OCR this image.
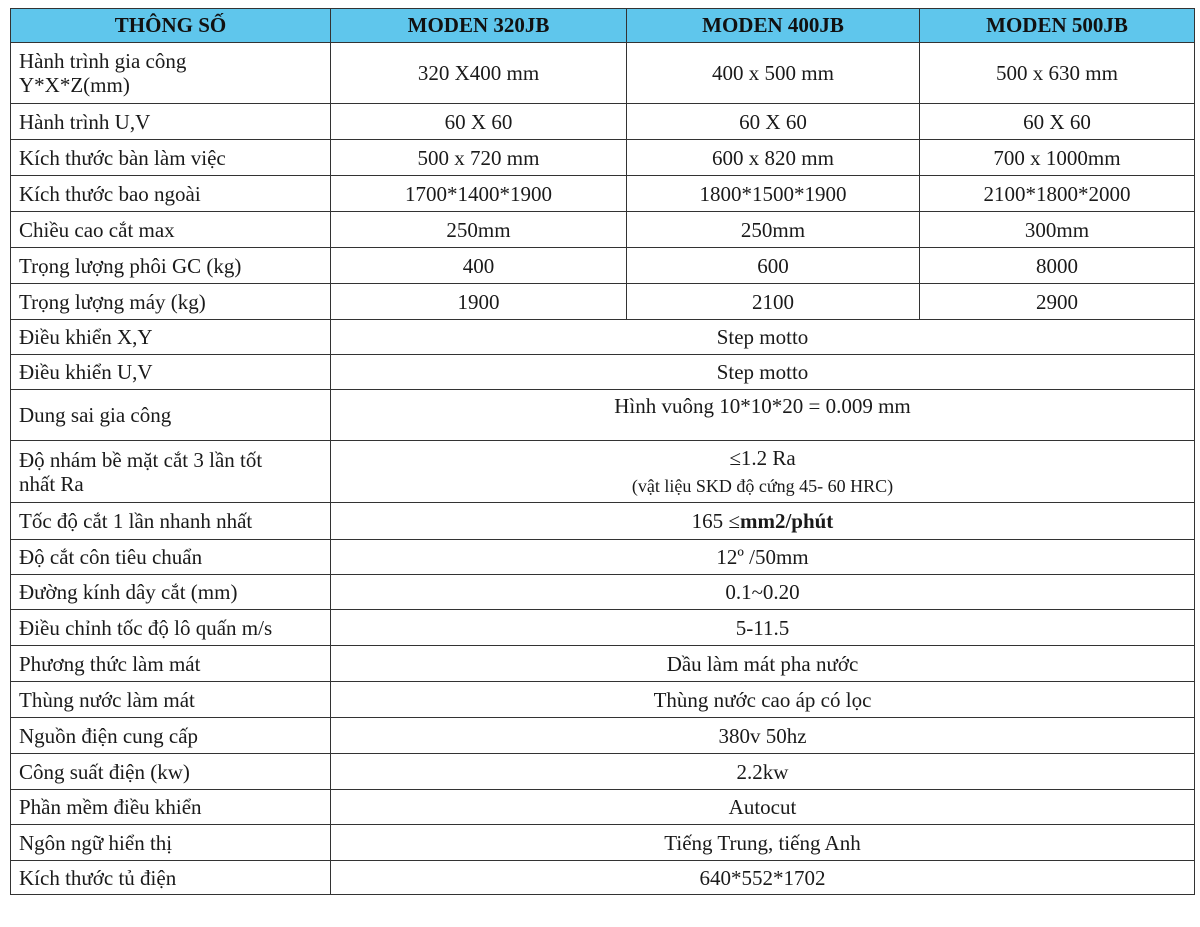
THÔNG SỐ	MODEN 320JB	MODEN 400JB	MODEN 500JB

Hành trình gia công
Y*X*Z(mm)	320 X400 mm	400 x 500 mm	500 x 630 mm
Hành trình U,V	60 X 60	60 X 60	60 X 60
Kích thước bàn làm việc	500 x 720 mm	600 x 820 mm	700 x 1000mm
Kích thước bao ngoài	1700*1400*1900	1800*1500*1900	2100*1800*2000
Chiều cao cắt max	250mm	250mm	300mm
Trọng lượng phôi GC (kg)	400	600	8000
Trọng lượng máy (kg)	1900	2100	2900
Điều khiển X,Y	Step motto		
Điều khiển U,V	Step motto		
Dung sai gia công	Hình vuông 10*10*20 = 0.009 mm		

Độ nhám bề mặt cắt 3 lần tốt
nhất Ra	≤1.2 Ra
(vật liệu SKD độ cứng 45- 60 HRC)		

Tốc độ cắt 1 lần nhanh nhất	165 ≤mm2/phút		
Độ cắt côn tiêu chuẩn	12º /50mm		
Đường kính dây cắt (mm)	0.1~0.20		
Điều chỉnh tốc độ lô quấn m/s	5-11.5		
Phương thức làm mát	Dầu làm mát pha nước		
Thùng nước làm mát	Thùng nước cao áp có lọc		
Nguồn điện cung cấp	380v 50hz		
Công suất điện (kw)	2.2kw		
Phần mềm điều khiển	Autocut		
Ngôn ngữ hiển thị	Tiếng Trung, tiếng Anh		
Kích thước tủ điện	640*552*1702		
